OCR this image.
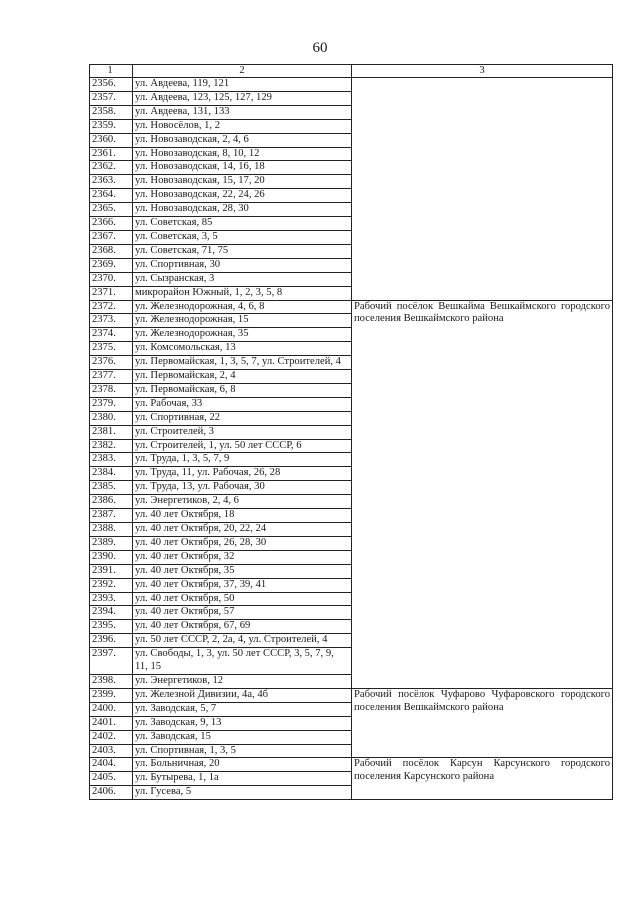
60
1	2	3
2356.	ул. Авдеева, 119, 121	
2357.	ул. Авдеева, 123, 125, 127, 129	
2358.	ул. Авдеева, 131, 133	
2359.	ул. Новосёлов, 1, 2	
2360.	ул. Новозаводская, 2, 4, 6	
2361.	ул. Новозаводская, 8, 10, 12	
2362.	ул. Новозаводская, 14, 16, 18	
2363.	ул. Новозаводская, 15, 17, 20	
2364.	ул. Новозаводская, 22, 24, 26	
2365.	ул. Новозаводская, 28, 30	
2366.	ул. Советская, 85	
2367.	ул. Советская, 3, 5	
2368.	ул. Советская, 71, 75	
2369.	ул. Спортивная, 30	
2370.	ул. Сызранская, 3	
2371.	микрорайон Южный, 1, 2, 3, 5, 8	
2372.	ул. Железнодорожная, 4, 6, 8	Рабочий посёлок Вешкайма Вешкаймского городского поселения Вешкаймского района
2373.	ул. Железнодорожная, 15	
2374.	ул. Железнодорожная, 35	
2375.	ул. Комсомольская, 13	
2376.	ул. Первомайская, 1, 3, 5, 7, ул. Строителей, 4	
2377.	ул. Первомайская, 2, 4	
2378.	ул. Первомайская, 6, 8	
2379.	ул. Рабочая, 33	
2380.	ул. Спортивная, 22	
2381.	ул. Строителей, 3	
2382.	ул. Строителей, 1, ул. 50 лет СССР, 6	
2383.	ул. Труда, 1, 3, 5, 7, 9	
2384.	ул. Труда, 11, ул. Рабочая, 26, 28	
2385.	ул. Труда, 13, ул. Рабочая, 30	
2386.	ул. Энергетиков, 2, 4, 6	
2387.	ул. 40 лет Октября, 18	
2388.	ул. 40 лет Октября, 20, 22, 24	
2389.	ул. 40 лет Октября, 26, 28, 30	
2390.	ул. 40 лет Октября, 32	
2391.	ул. 40 лет Октября, 35	
2392.	ул. 40 лет Октября, 37, 39, 41	
2393.	ул. 40 лет Октября, 50	
2394.	ул. 40 лет Октября, 57	
2395.	ул. 40 лет Октября, 67, 69	
2396.	ул. 50 лет СССР, 2, 2а, 4, ул. Строителей, 4	
2397.	ул. Свободы, 1, 3, ул. 50 лет СССР, 3, 5, 7, 9, 11, 15	
2398.	ул. Энергетиков, 12	
2399.	ул. Железной Дивизии, 4а, 4б	Рабочий посёлок Чуфарово Чуфаровского городского поселения Вешкаймского района
2400.	ул. Заводская, 5, 7	
2401.	ул. Заводская, 9, 13	
2402.	ул. Заводская, 15	
2403.	ул. Спортивная, 1, 3, 5	
2404.	ул. Больничная, 20	Рабочий посёлок Карсун Карсунского городского поселения Карсунского района
2405.	ул. Бутырева, 1, 1а	
2406.	ул. Гусева, 5	
